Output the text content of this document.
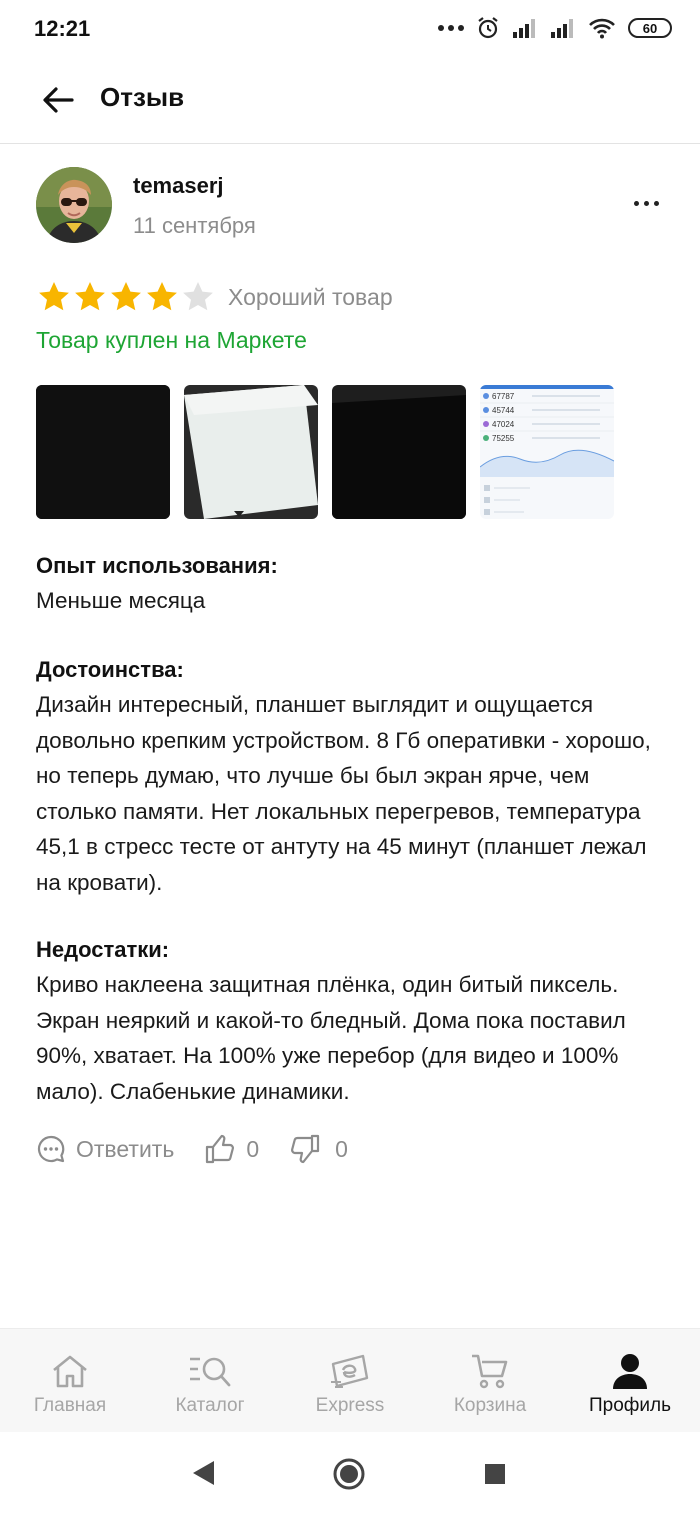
12:21	60
Отзыв
temaserj
11 сентября
Хороший товар
Товар куплен на Маркете
67787
45744
47024
75255
Опыт использования:
Меньше месяца
Достоинства:
Дизайн интересный, планшет выглядит и ощущается довольно крепким устройством. 8 Гб оперативки - хорошо, но теперь думаю, что лучше бы был экран ярче, чем столько памяти. Нет локальных перегревов, температура 45,1 в стресс тесте от антуту на 45 минут (планшет лежал на кровати).
Недостатки:
Криво наклеена защитная плёнка, один битый пиксель. Экран неяркий и какой-то бледный. Дома пока поставил 90%, хватает. На 100% уже перебор (для видео и 100% мало). Слабенькие динамики.
Ответить	0	0
Главная	Каталог	Express	Корзина	Профиль
